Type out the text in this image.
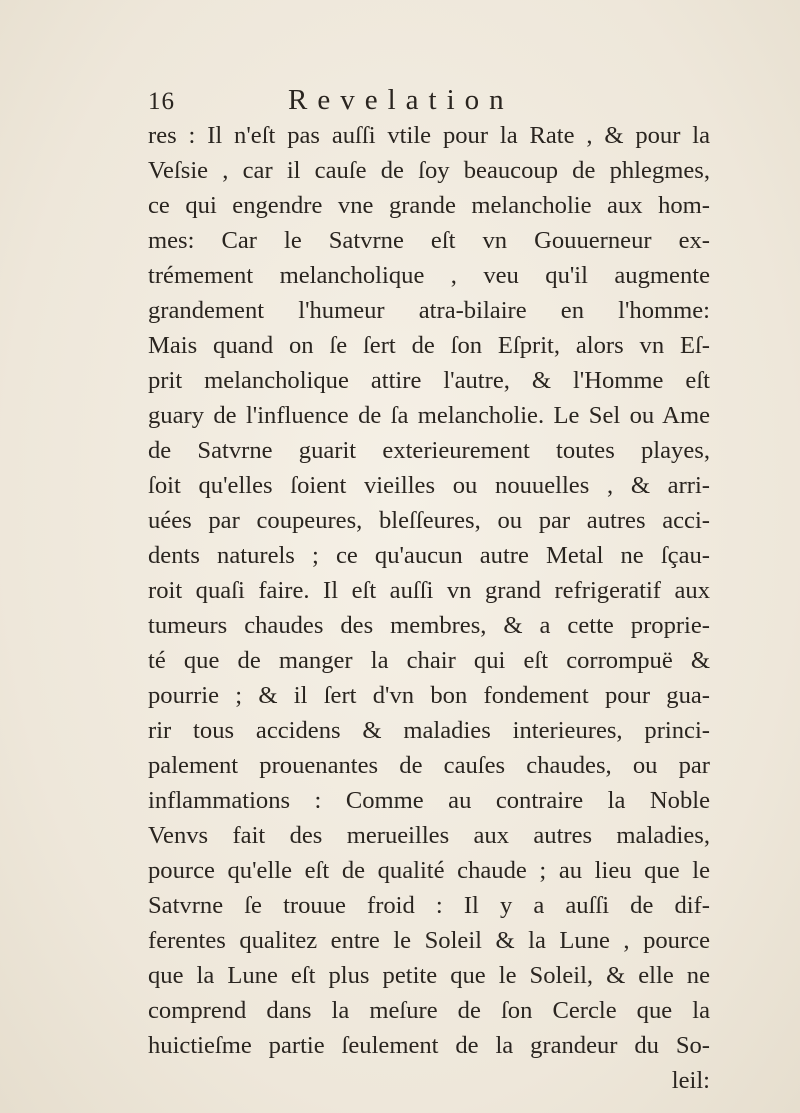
16	Revelation
res : Il n'eſt pas auſſi vtile pour la Rate , & pour la
Veſsie , car il cauſe de ſoy beaucoup de phlegmes,
ce qui engendre vne grande melancholie aux hom-
mes: Car le Satvrne eſt vn Gouuerneur ex-
trémement melancholique , veu qu'il augmente
grandement l'humeur atra-bilaire en l'homme:
Mais quand on ſe ſert de ſon Eſprit, alors vn Eſ-
prit melancholique attire l'autre, & l'Homme eſt
guary de l'influence de ſa melancholie. Le Sel ou Ame
de Satvrne guarit exterieurement toutes playes,
ſoit qu'elles ſoient vieilles ou nouuelles , & arri-
uées par coupeures, bleſſeures, ou par autres acci-
dents naturels ; ce qu'aucun autre Metal ne ſçau-
roit quaſi faire. Il eſt auſſi vn grand refrigeratif aux
tumeurs chaudes des membres, & a cette proprie-
té que de manger la chair qui eſt corrompuë &
pourrie ; & il ſert d'vn bon fondement pour gua-
rir tous accidens & maladies interieures, princi-
palement prouenantes de cauſes chaudes, ou par
inflammations : Comme au contraire la Noble
Venvs fait des merueilles aux autres maladies,
pource qu'elle eſt de qualité chaude ; au lieu que le
Satvrne ſe trouue froid : Il y a auſſi de dif-
ferentes qualitez entre le Soleil & la Lune , pource
que la Lune eſt plus petite que le Soleil, & elle ne
comprend dans la meſure de ſon Cercle que la
huictieſme partie ſeulement de la grandeur du So-
leil:
